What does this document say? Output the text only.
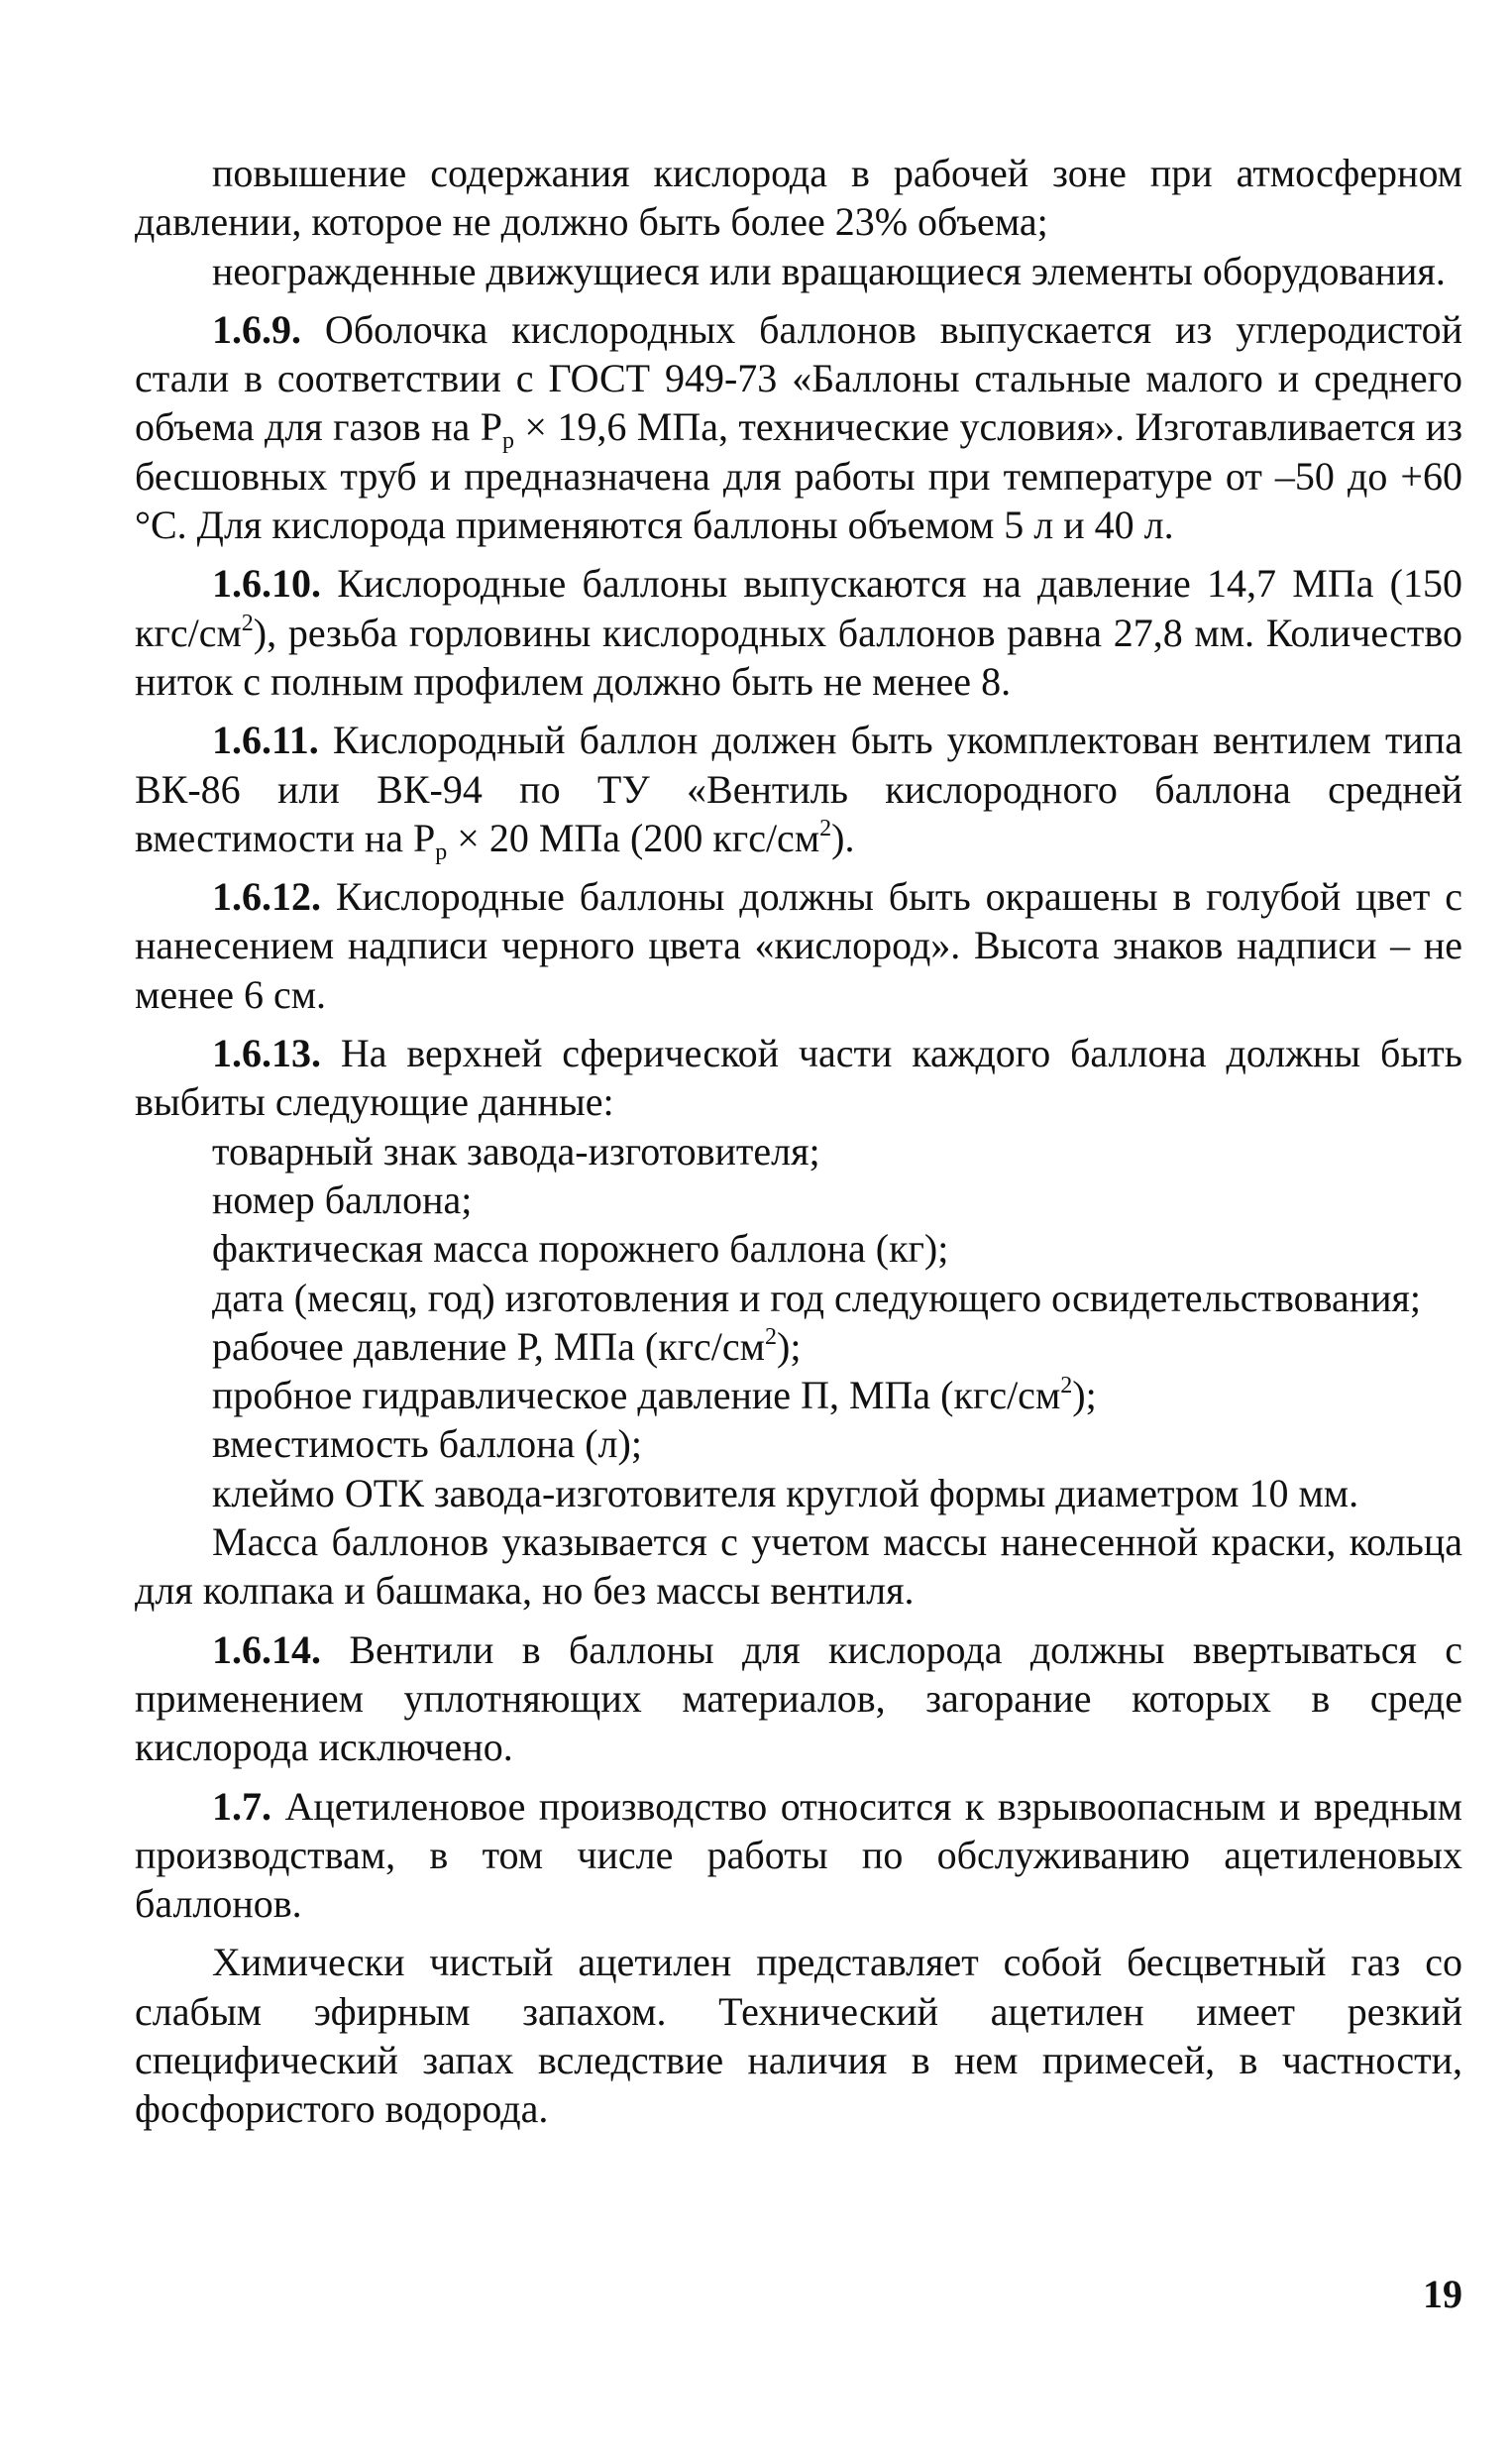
повышение содержания кислорода в рабочей зоне при атмосферном давлении, которое не должно быть более 23% объема;

неогражденные движущиеся или вращающиеся элементы оборудования.

1.6.9. Оболочка кислородных баллонов выпускается из углеродистой стали в соответствии с ГОСТ 949-73 «Баллоны стальные малого и среднего объема для газов на $P_р \times 19,6$ МПа, технические условия». Изготавливается из бесшовных труб и предназначена для работы при температуре от –50 до +60 °С. Для кислорода применяются баллоны объемом 5 л и 40 л.

1.6.10. Кислородные баллоны выпускаются на давление 14,7 МПа (150 кгс/$см^2$), резьба горловины кислородных баллонов равна 27,8 мм. Количество ниток с полным профилем должно быть не менее 8.

1.6.11. Кислородный баллон должен быть укомплектован вентилем типа ВК-86 или ВК-94 по ТУ «Вентиль кислородного баллона средней вместимости на $P_р \times 20$ МПа (200 кгс/$см^2$).

1.6.12. Кислородные баллоны должны быть окрашены в голубой цвет с нанесением надписи черного цвета «кислород». Высота знаков надписи – не менее 6 см.

1.6.13. На верхней сферической части каждого баллона должны быть выбиты следующие данные:

товарный знак завода-изготовителя;

номер баллона;

фактическая масса порожнего баллона (кг);

дата (месяц, год) изготовления и год следующего освидетельствования;

рабочее давление Р, МПа $(кгс/см^2)$;

пробное гидравлическое давление П, МПа $(кгс/см^2)$;

вместимость баллона (л);

клеймо ОТК завода-изготовителя круглой формы диаметром 10 мм.

Масса баллонов указывается с учетом массы нанесенной краски, кольца для колпака и башмака, но без массы вентиля.

1.6.14. Вентили в баллоны для кислорода должны ввертываться с применением уплотняющих материалов, загорание которых в среде кислорода исключено.

1.7. Ацетиленовое производство относится к взрывоопасным и вредным производствам, в том числе работы по обслуживанию ацетиленовых баллонов.

Химически чистый ацетилен представляет собой бесцветный газ со слабым эфирным запахом. Технический ацетилен имеет резкий специфический запах вследствие наличия в нем примесей, в частности, фосфористого водорода.

19
